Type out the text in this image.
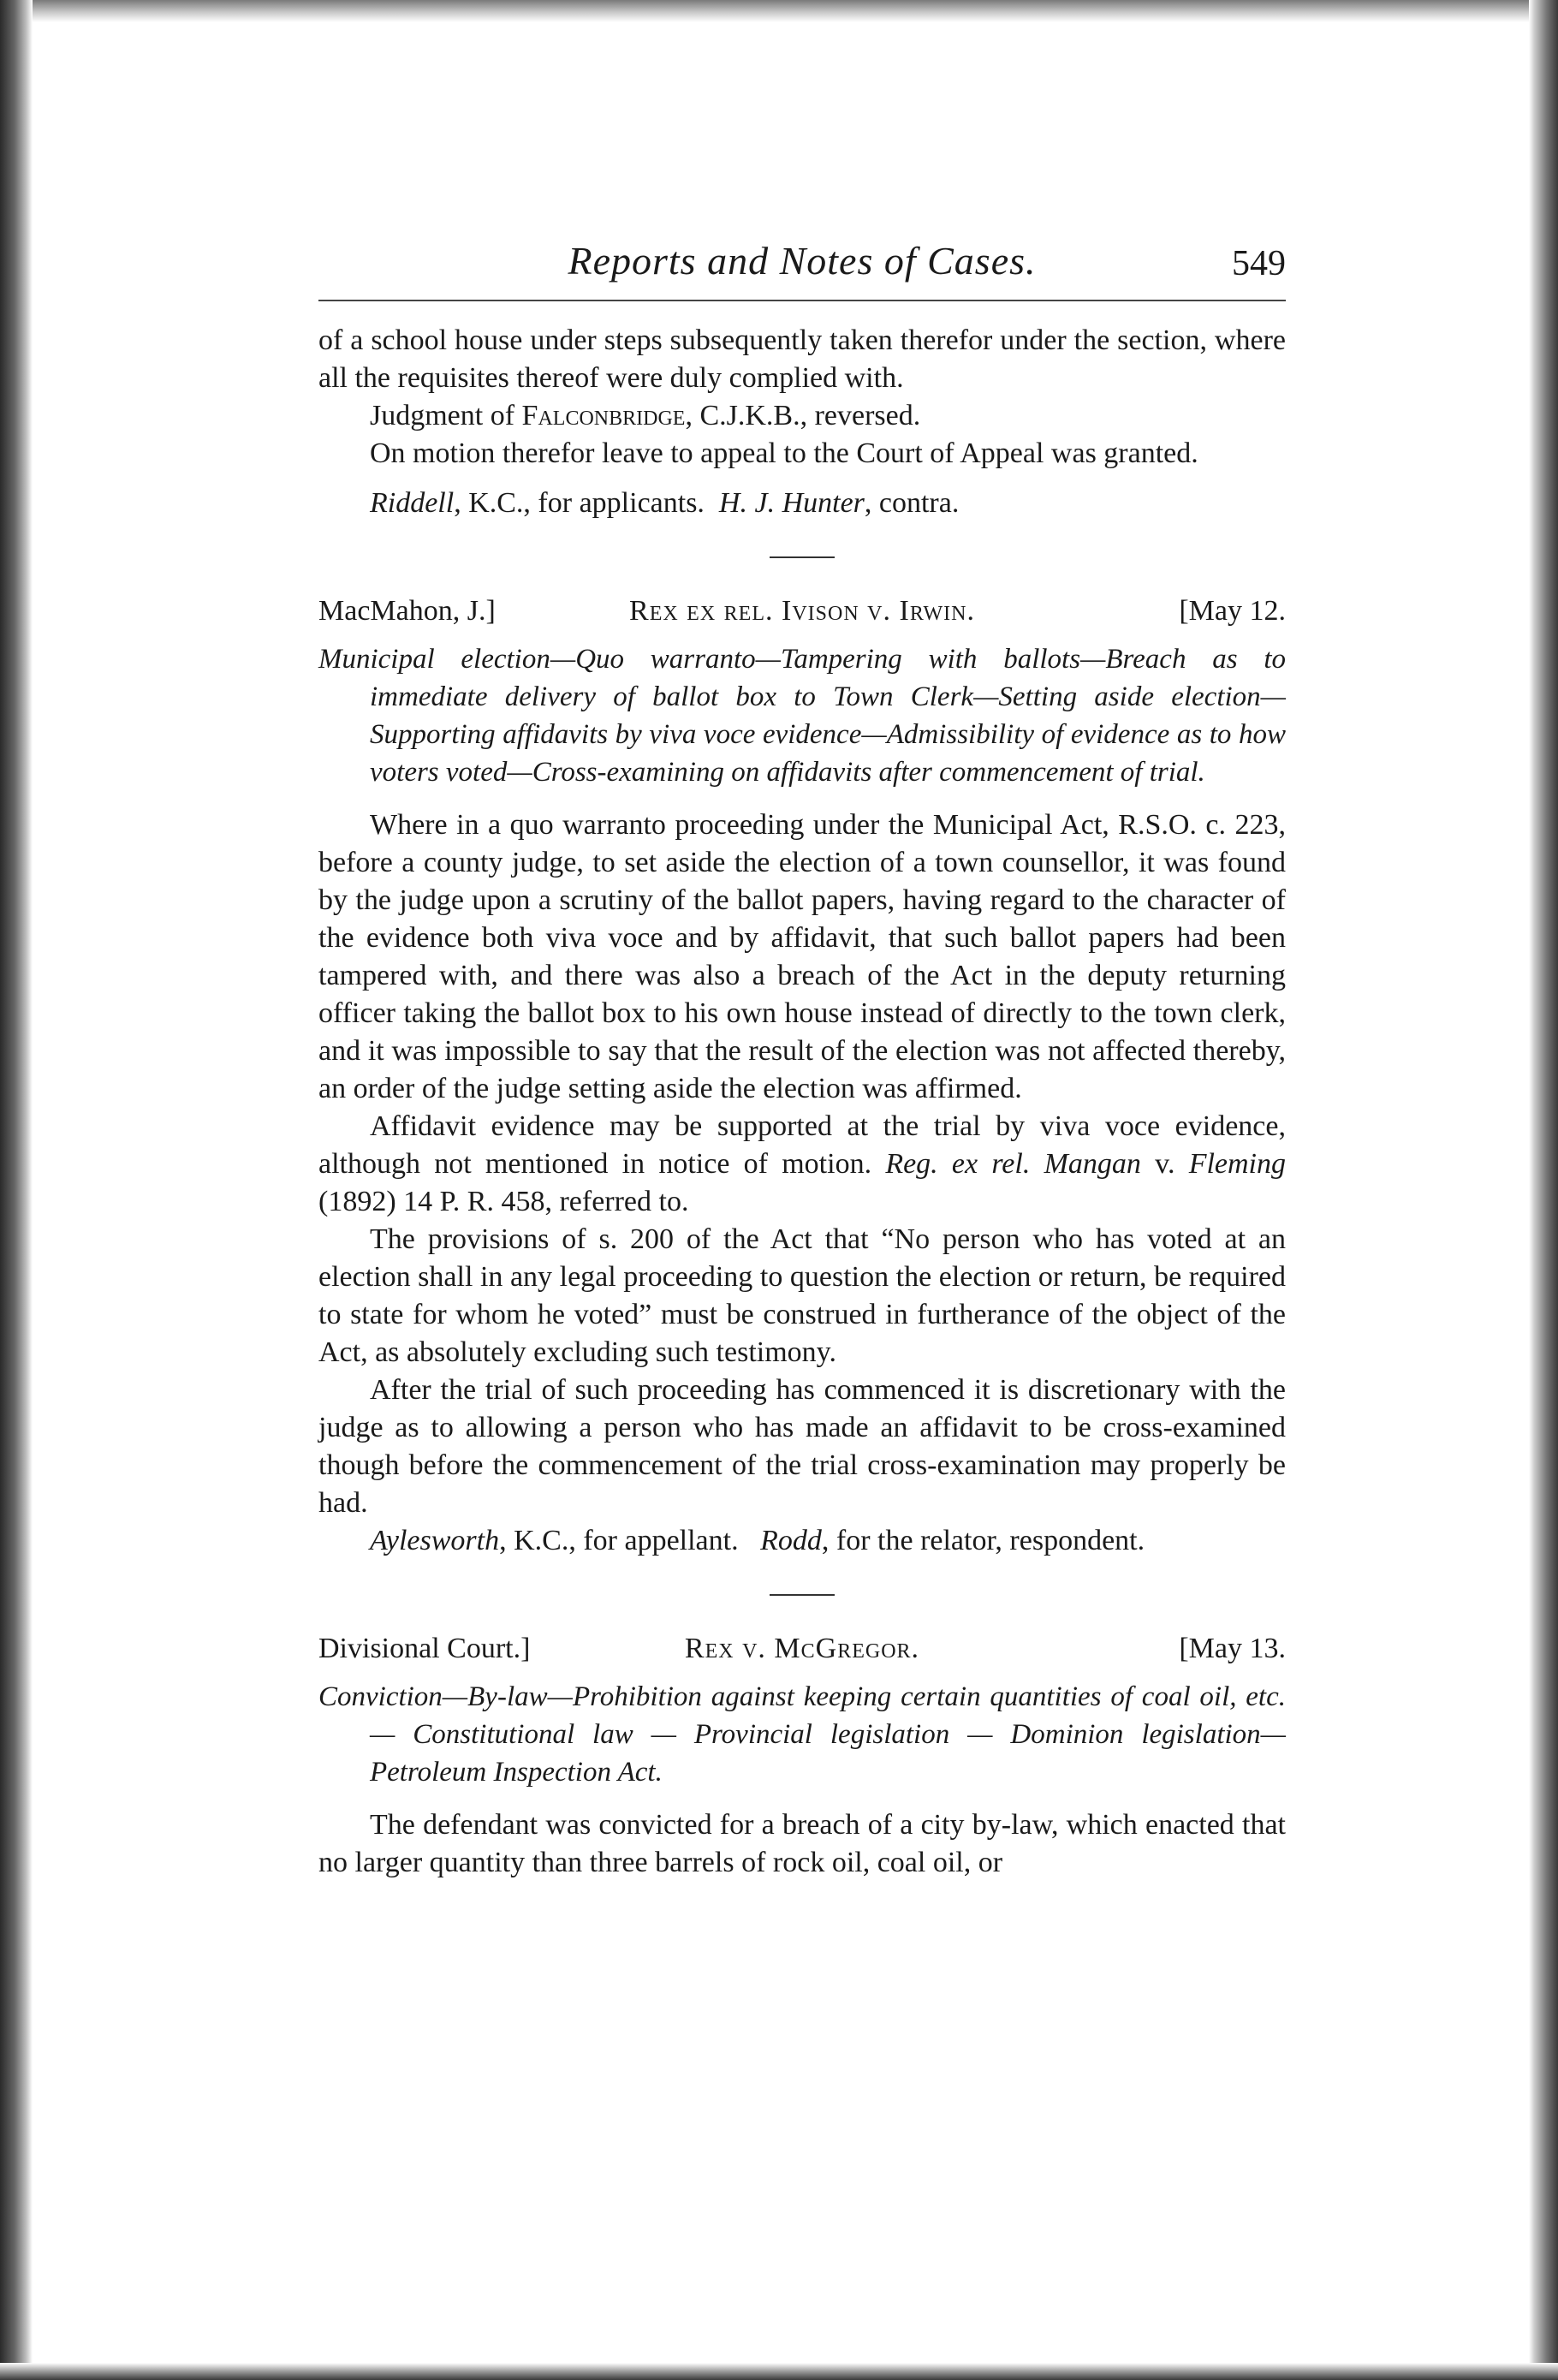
Reports and Notes of Cases.	549

of a school house under steps subsequently taken therefor under the section, where all the requisites thereof were duly complied with.

Judgment of Falconbridge, C.J.K.B., reversed.

On motion therefor leave to appeal to the Court of Appeal was granted.

Riddell, K.C., for applicants. H. J. Hunter, contra.

MacMahon, J.]	Rex ex rel. Ivison v. Irwin.	[May 12.

Municipal election—Quo warranto—Tampering with ballots—Breach as to immediate delivery of ballot box to Town Clerk—Setting aside election—Supporting affidavits by viva voce evidence—Admissibility of evidence as to how voters voted—Cross-examining on affidavits after commencement of trial.

Where in a quo warranto proceeding under the Municipal Act, R.S.O. c. 223, before a county judge, to set aside the election of a town counsellor, it was found by the judge upon a scrutiny of the ballot papers, having regard to the character of the evidence both viva voce and by affidavit, that such ballot papers had been tampered with, and there was also a breach of the Act in the deputy returning officer taking the ballot box to his own house instead of directly to the town clerk, and it was impossible to say that the result of the election was not affected thereby, an order of the judge setting aside the election was affirmed.

Affidavit evidence may be supported at the trial by viva voce evidence, although not mentioned in notice of motion. Reg. ex rel. Mangan v. Fleming (1892) 14 P. R. 458, referred to.

The provisions of s. 200 of the Act that “No person who has voted at an election shall in any legal proceeding to question the election or return, be required to state for whom he voted” must be construed in furtherance of the object of the Act, as absolutely excluding such testimony.

After the trial of such proceeding has commenced it is discretionary with the judge as to allowing a person who has made an affidavit to be cross-examined though before the commencement of the trial cross-examination may properly be had.

Aylesworth, K.C., for appellant.   Rodd, for the relator, respondent.

Divisional Court.]	Rex v. McGregor.	[May 13.

Conviction—By-law—Prohibition against keeping certain quantities of coal oil, etc. — Constitutional law — Provincial legislation — Dominion legislation—Petroleum Inspection Act.

The defendant was convicted for a breach of a city by-law, which enacted that no larger quantity than three barrels of rock oil, coal oil, or
